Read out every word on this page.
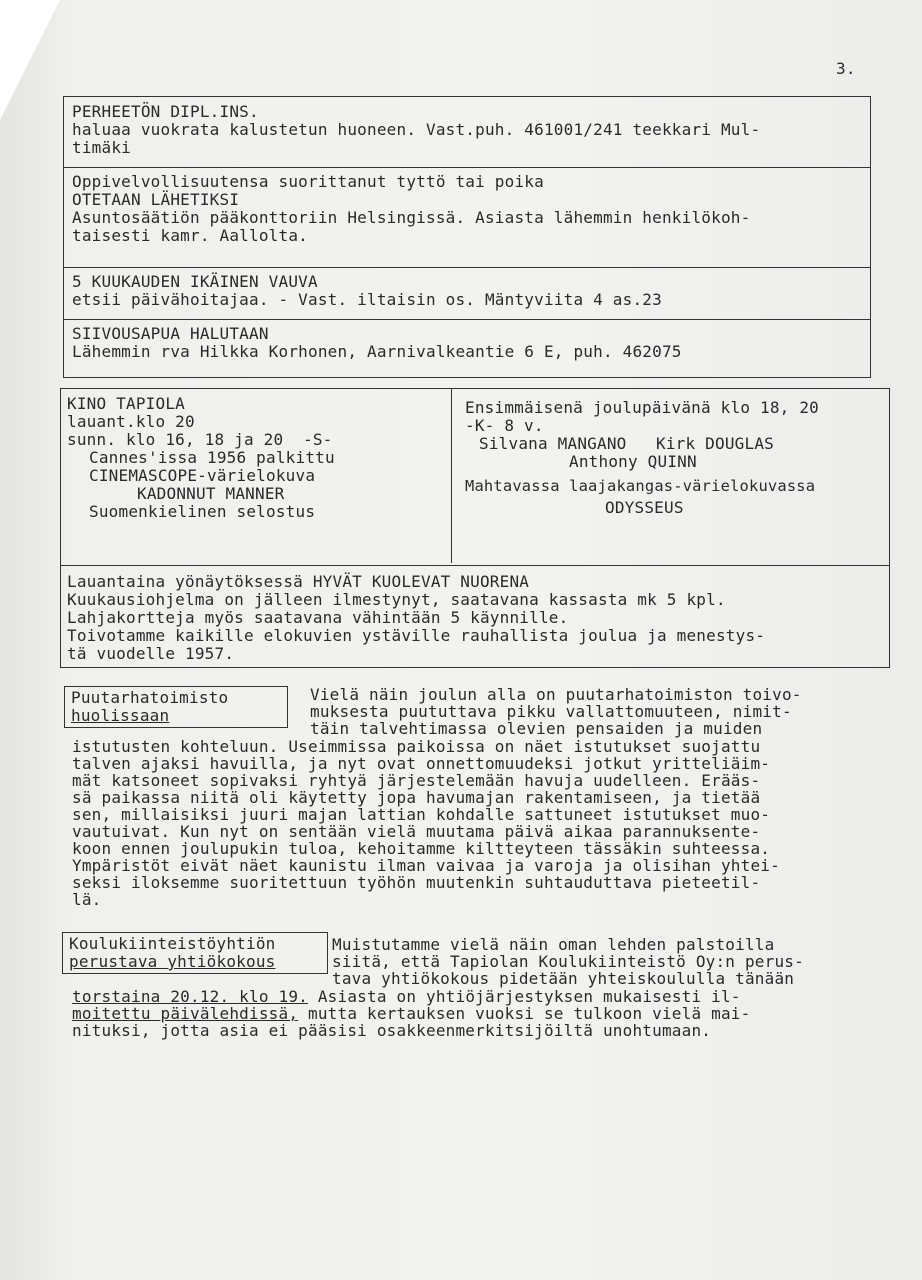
3.
PERHEETÖN DIPL.INS.
haluaa vuokrata kalustetun huoneen. Vast.puh. 461001/241 teekkari Mul-
timäki
Oppivelvollisuutensa suorittanut tyttö tai poika
OTETAAN LÄHETIKSI
Asuntosäätiön pääkonttoriin Helsingissä. Asiasta lähemmin henkilökoh-
taisesti kamr. Aallolta.
5 KUUKAUDEN IKÄINEN VAUVA
etsii päivähoitajaa. - Vast. iltaisin os. Mäntyviita 4 as.23
SIIVOUSAPUA HALUTAAN
Lähemmin rva Hilkka Korhonen, Aarnivalkeantie 6 E, puh. 462075
KINO TAPIOLA
lauant.klo 20
sunn. klo 16, 18 ja 20  -S-
Cannes'issa 1956 palkittu
CINEMASCOPE-värielokuva
KADONNUT MANNER
Suomenkielinen selostus
Ensimmäisenä joulupäivänä klo 18, 20
-K- 8 v.
Silvana MANGANO   Kirk DOUGLAS
Anthony QUINN
Mahtavassa laajakangas-värielokuvassa
ODYSSEUS
Lauantaina yönäytöksessä HYVÄT KUOLEVAT NUORENA
Kuukausiohjelma on jälleen ilmestynyt, saatavana kassasta mk 5 kpl.
Lahjakortteja myös saatavana vähintään 5 käynnille.
Toivotamme kaikille elokuvien ystäville rauhallista joulua ja menestys-
tä vuodelle 1957.
Puutarhatoimisto
huolissaan
Vielä näin joulun alla on puutarhatoimiston toivo-
muksesta puututtava pikku vallattomuuteen, nimit-
täin talvehtimassa olevien pensaiden ja muiden
istutusten kohteluun. Useimmissa paikoissa on näet istutukset suojattu
talven ajaksi havuilla, ja nyt ovat onnettomuudeksi jotkut yritteliäim-
mät katsoneet sopivaksi ryhtyä järjestelemään havuja uudelleen. Erääs-
sä paikassa niitä oli käytetty jopa havumajan rakentamiseen, ja tietää
sen, millaisiksi juuri majan lattian kohdalle sattuneet istutukset muo-
vautuivat. Kun nyt on sentään vielä muutama päivä aikaa parannuksente-
koon ennen joulupukin tuloa, kehoitamme kiltteyteen tässäkin suhteessa.
Ympäristöt eivät näet kaunistu ilman vaivaa ja varoja ja olisihan yhtei-
seksi iloksemme suoritettuun työhön muutenkin suhtauduttava pieteetil-
lä.
Koulukiinteistöyhtiön
perustava yhtiökokous
Muistutamme vielä näin oman lehden palstoilla
siitä, että Tapiolan Koulukiinteistö Oy:n perus-
tava yhtiökokous pidetään yhteiskoululla tänään
torstaina 20.12. klo 19. Asiasta on yhtiöjärjestyksen mukaisesti il-
moitettu päivälehdissä, mutta kertauksen vuoksi se tulkoon vielä mai-
nituksi, jotta asia ei pääsisi osakkeenmerkitsijöiltä unohtumaan.
